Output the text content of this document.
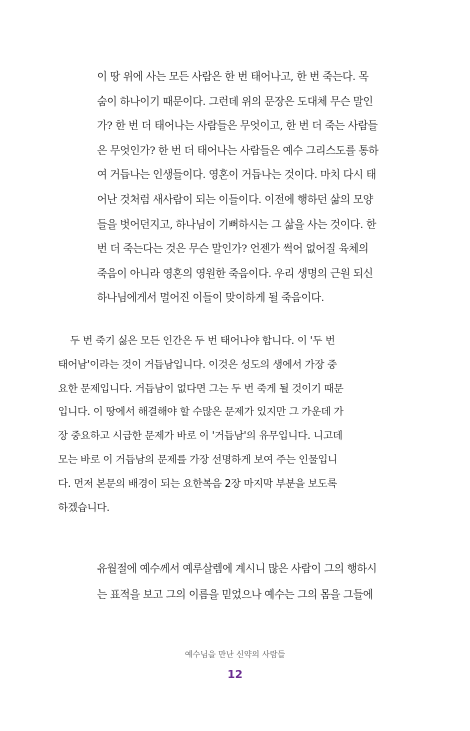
이 땅 위에 사는 모든 사람은 한 번 태어나고, 한 번 죽는다. 목
숨이 하나이기 때문이다. 그런데 위의 문장은 도대체 무슨 말인
가? 한 번 더 태어나는 사람들은 무엇이고, 한 번 더 죽는 사람들
은 무엇인가? 한 번 더 태어나는 사람들은 예수 그리스도를 통하
여 거듭나는 인생들이다. 영혼이 거듭나는 것이다. 마치 다시 태
어난 것처럼 새사람이 되는 이들이다. 이전에 행하던 삶의 모양
들을 벗어던지고, 하나님이 기뻐하시는 그 삶을 사는 것이다. 한
번 더 죽는다는 것은 무슨 말인가? 언젠가 썩어 없어질 육체의
죽음이 아니라 영혼의 영원한 죽음이다. 우리 생명의 근원 되신
하나님에게서 멀어진 이들이 맞이하게 될 죽음이다.
두 번 죽기 싫은 모든 인간은 두 번 태어나야 합니다. 이 '두 번
태어남'이라는 것이 거듭남입니다. 이것은 성도의 생에서 가장 중
요한 문제입니다. 거듭남이 없다면 그는 두 번 죽게 될 것이기 때문
입니다. 이 땅에서 해결해야 할 수많은 문제가 있지만 그 가운데 가
장 중요하고 시급한 문제가 바로 이 '거듭남'의 유무입니다. 니고데
모는 바로 이 거듭남의 문제를 가장 선명하게 보여 주는 인물입니
다. 먼저 본문의 배경이 되는 요한복음 2장 마지막 부분을 보도록
하겠습니다.
유월절에 예수께서 예루살렘에 계시니 많은 사람이 그의 행하시
는 표적을 보고 그의 이름을 믿었으나 예수는 그의 몸을 그들에
예수님을 만난 신약의 사람들
12
